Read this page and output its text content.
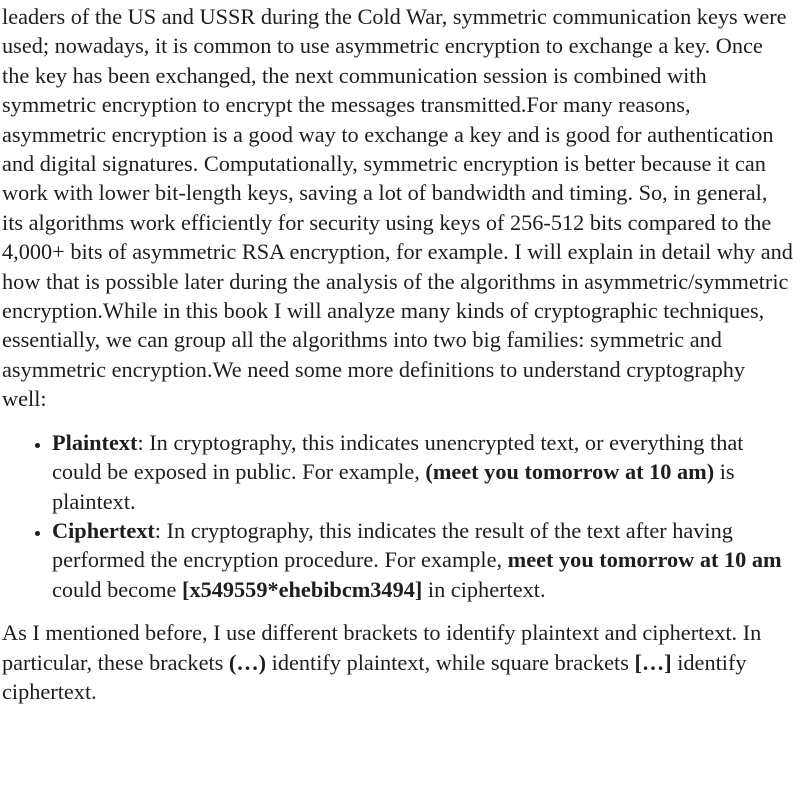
leaders of the US and USSR during the Cold War, symmetric communication keys were used; nowadays, it is common to use asymmetric encryption to exchange a key. Once the key has been exchanged, the next communication session is combined with symmetric encryption to encrypt the messages transmitted.For many reasons, asymmetric encryption is a good way to exchange a key and is good for authentication and digital signatures. Computationally, symmetric encryption is better because it can work with lower bit-length keys, saving a lot of bandwidth and timing. So, in general, its algorithms work efficiently for security using keys of 256-512 bits compared to the 4,000+ bits of asymmetric RSA encryption, for example. I will explain in detail why and how that is possible later during the analysis of the algorithms in asymmetric/symmetric encryption.While in this book I will analyze many kinds of cryptographic techniques, essentially, we can group all the algorithms into two big families: symmetric and asymmetric encryption.We need some more definitions to understand cryptography well:

• Plaintext: In cryptography, this indicates unencrypted text, or everything that could be exposed in public. For example, (meet you tomorrow at 10 am) is plaintext.
• Ciphertext: In cryptography, this indicates the result of the text after having performed the encryption procedure. For example, meet you tomorrow at 10 am could become [x549559*ehebibcm3494] in ciphertext.

As I mentioned before, I use different brackets to identify plaintext and ciphertext. In particular, these brackets (…) identify plaintext, while square brackets […] identify ciphertext.
